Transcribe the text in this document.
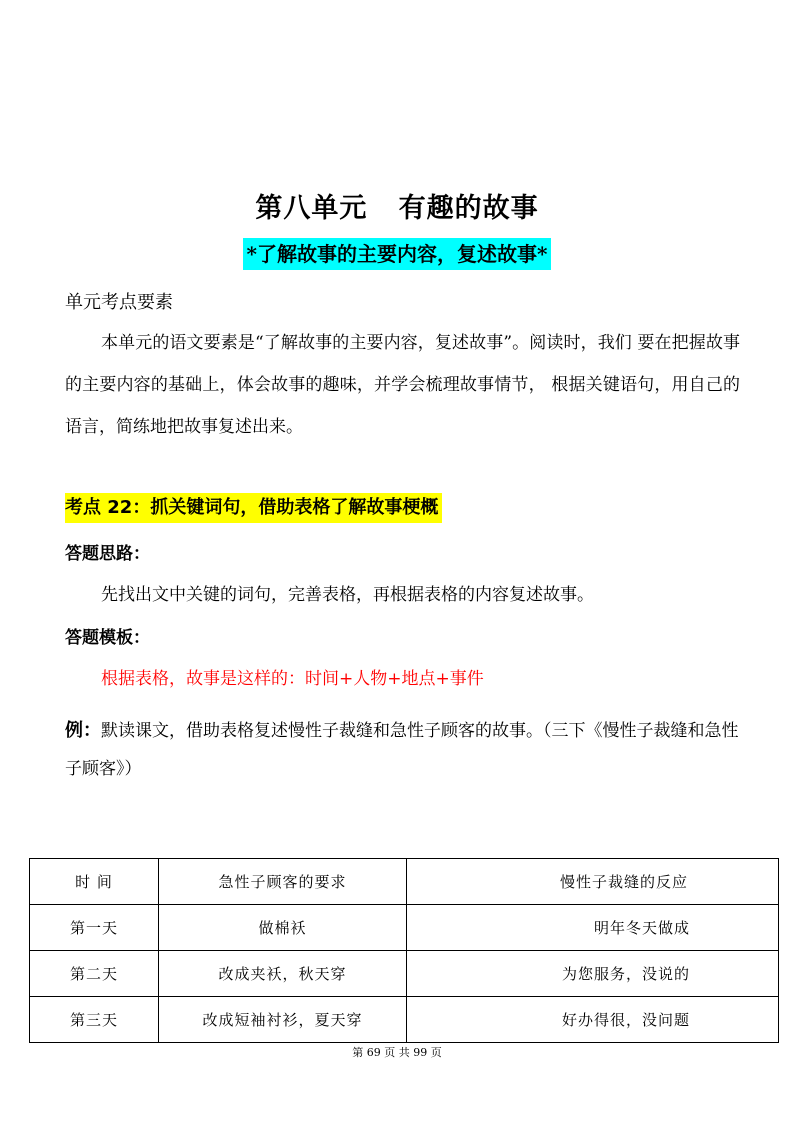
第八单元   有趣的故事
*了解故事的主要内容，复述故事*
单元考点要素
本单元的语文要素是“了解故事的主要内容，复述故事”。阅读时，我们 要在把握故事的主要内容的基础上，体会故事的趣味，并学会梳理故事情节， 根据关键语句，用自己的语言，简练地把故事复述出来。
考点 22：抓关键词句，借助表格了解故事梗概
答题思路：
先找出文中关键的词句，完善表格，再根据表格的内容复述故事。
答题模板：
根据表格，故事是这样的：时间+人物+地点+事件
例：默读课文，借助表格复述慢性子裁缝和急性子顾客的故事。（三下《慢性子裁缝和急性子顾客》）
时 间	急性子顾客的要求	慢性子裁缝的反应
第一天	做棉袄	明年冬天做成
第二天	改成夹袄，秋天穿	为您服务，没说的
第三天	改成短袖衬衫，夏天穿	好办得很，没问题
第 69 页 共 99 页
